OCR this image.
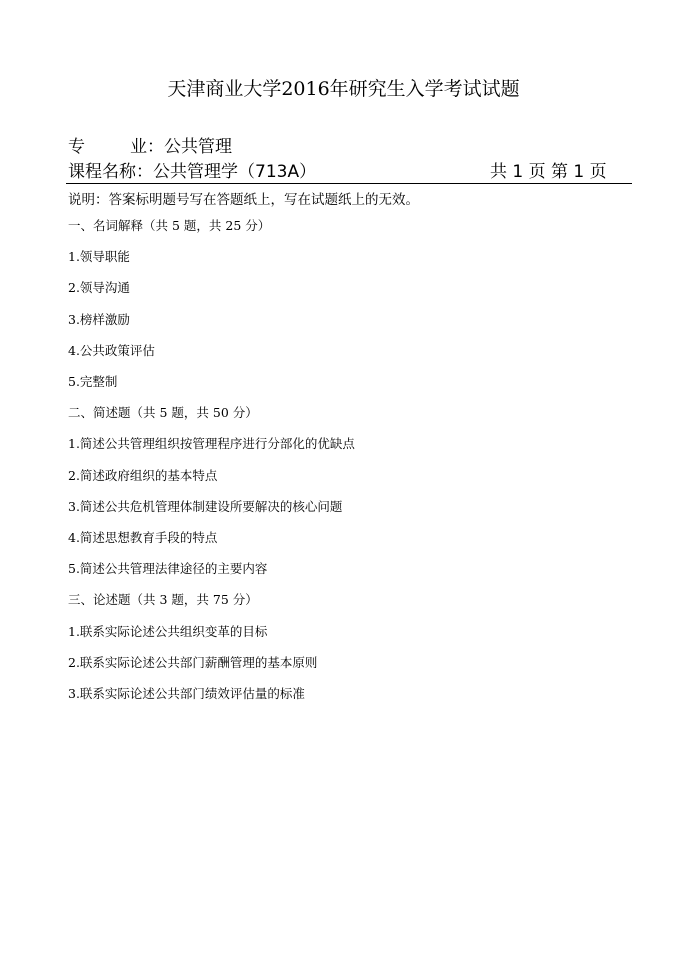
天津商业大学2016年研究生入学考试试题
专	业：公共管理
课程名称：公共管理学（713A）	共 1 页 第 1 页
说明：答案标明题号写在答题纸上，写在试题纸上的无效。
一、名词解释（共 5 题，共 25 分）
1.领导职能
2.领导沟通
3.榜样激励
4.公共政策评估
5.完整制
二、简述题（共 5 题，共 50 分）
1.简述公共管理组织按管理程序进行分部化的优缺点
2.简述政府组织的基本特点
3.简述公共危机管理体制建设所要解决的核心问题
4.简述思想教育手段的特点
5.简述公共管理法律途径的主要内容
三、论述题（共 3 题，共 75 分）
1.联系实际论述公共组织变革的目标
2.联系实际论述公共部门薪酬管理的基本原则
3.联系实际论述公共部门绩效评估量的标准
